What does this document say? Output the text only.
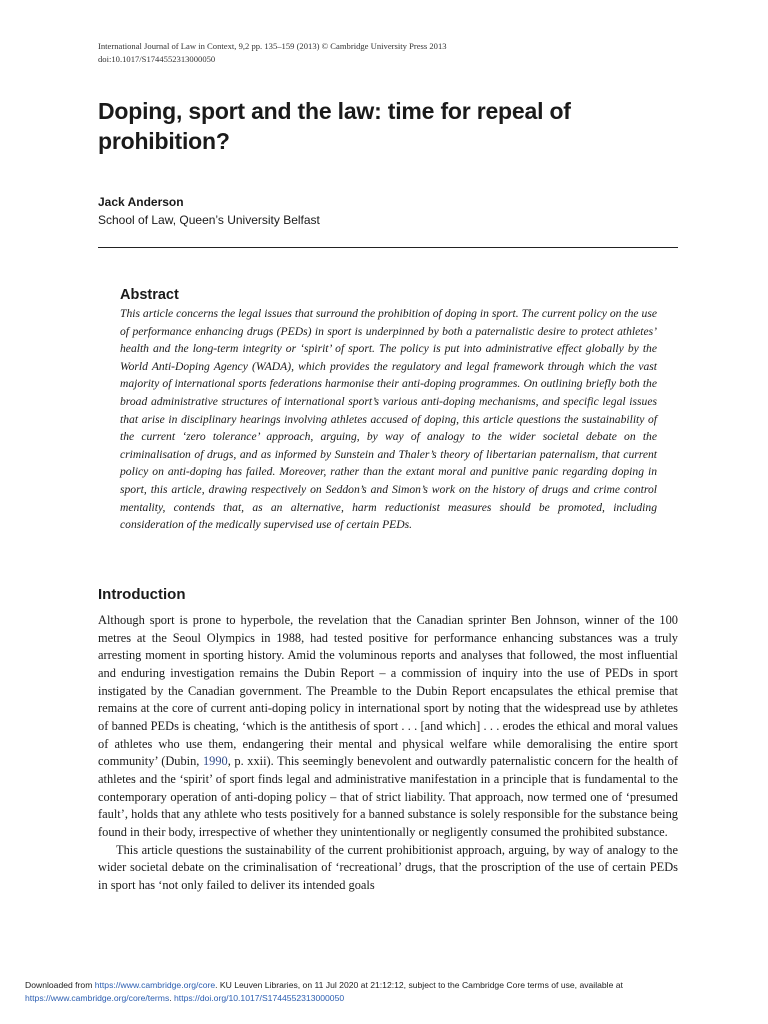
International Journal of Law in Context, 9,2 pp. 135–159 (2013) © Cambridge University Press 2013
doi:10.1017/S1744552313000050
Doping, sport and the law: time for repeal of prohibition?
Jack Anderson
School of Law, Queen’s University Belfast
Abstract

This article concerns the legal issues that surround the prohibition of doping in sport. The current policy on the use of performance enhancing drugs (PEDs) in sport is underpinned by both a paternalistic desire to protect athletes’ health and the long-term integrity or ‘spirit’ of sport. The policy is put into administrative effect globally by the World Anti-Doping Agency (WADA), which provides the regulatory and legal framework through which the vast majority of international sports federations harmonise their anti-doping programmes. On outlining briefly both the broad administrative structures of international sport’s various anti-doping mechanisms, and specific legal issues that arise in disciplinary hearings involving athletes accused of doping, this article questions the sustainability of the current ‘zero tolerance’ approach, arguing, by way of analogy to the wider societal debate on the criminalisation of drugs, and as informed by Sunstein and Thaler’s theory of libertarian paternalism, that current policy on anti-doping has failed. Moreover, rather than the extant moral and punitive panic regarding doping in sport, this article, drawing respectively on Seddon’s and Simon’s work on the history of drugs and crime control mentality, contends that, as an alternative, harm reductionist measures should be promoted, including consideration of the medically supervised use of certain PEDs.

Introduction

Although sport is prone to hyperbole, the revelation that the Canadian sprinter Ben Johnson, winner of the 100 metres at the Seoul Olympics in 1988, had tested positive for performance enhancing substances was a truly arresting moment in sporting history. Amid the voluminous reports and analyses that followed, the most influential and enduring investigation remains the Dubin Report – a commission of inquiry into the use of PEDs in sport instigated by the Canadian government. The Preamble to the Dubin Report encapsulates the ethical premise that remains at the core of current anti-doping policy in international sport by noting that the widespread use by athletes of banned PEDs is cheating, ‘which is the antithesis of sport . . . [and which] . . . erodes the ethical and moral values of athletes who use them, endangering their mental and physical welfare while demoralising the entire sport community’ (Dubin, 1990, p. xxii). This seemingly benevolent and outwardly paternalistic concern for the health of athletes and the ‘spirit’ of sport finds legal and administrative manifestation in a principle that is fundamental to the contemporary operation of anti-doping policy – that of strict liability. That approach, now termed one of ‘presumed fault’, holds that any athlete who tests positively for a banned substance is solely responsible for the substance being found in their body, irrespective of whether they unintentionally or negligently consumed the prohibited substance.

This article questions the sustainability of the current prohibitionist approach, arguing, by way of analogy to the wider societal debate on the criminalisation of ‘recreational’ drugs, that the proscription of the use of certain PEDs in sport has ‘not only failed to deliver its intended goals

Downloaded from https://www.cambridge.org/core. KU Leuven Libraries, on 11 Jul 2020 at 21:12:12, subject to the Cambridge Core terms of use, available at
https://www.cambridge.org/core/terms. https://doi.org/10.1017/S1744552313000050
